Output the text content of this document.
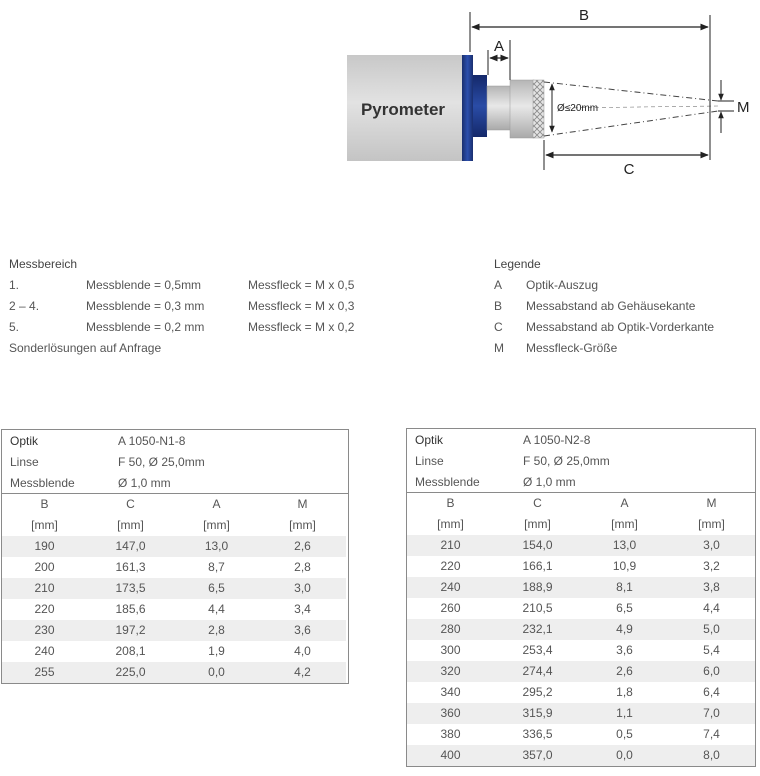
Pyrometer	Ø≤20mm
B
A
C
M
Messbereich
1.	Messblende = 0,5mm	Messfleck = M x 0,5
2 – 4.	Messblende = 0,3 mm	Messfleck = M x 0,3
5.	Messblende = 0,2 mm	Messfleck = M x 0,2
Sonderlösungen auf Anfrage
Legende
A Optik-Auszug
B Messabstand ab Gehäusekante
C Messabstand ab Optik-Vorderkante
M Messfleck-Größe
Optik	A 1050-N1-8
Linse	F 50, Ø 25,0mm
Messblende	Ø 1,0 mm
B	C	A	M
[mm]	[mm]	[mm]	[mm]
190	147,0	13,0	2,6
200	161,3	8,7	2,8
210	173,5	6,5	3,0
220	185,6	4,4	3,4
230	197,2	2,8	3,6
240	208,1	1,9	4,0
255	225,0	0,0	4,2
Optik	A 1050-N2-8
Linse	F 50, Ø 25,0mm
Messblende	Ø 1,0 mm
B	C	A	M
[mm]	[mm]	[mm]	[mm]
210	154,0	13,0	3,0
220	166,1	10,9	3,2
240	188,9	8,1	3,8
260	210,5	6,5	4,4
280	232,1	4,9	5,0
300	253,4	3,6	5,4
320	274,4	2,6	6,0
340	295,2	1,8	6,4
360	315,9	1,1	7,0
380	336,5	0,5	7,4
400	357,0	0,0	8,0
